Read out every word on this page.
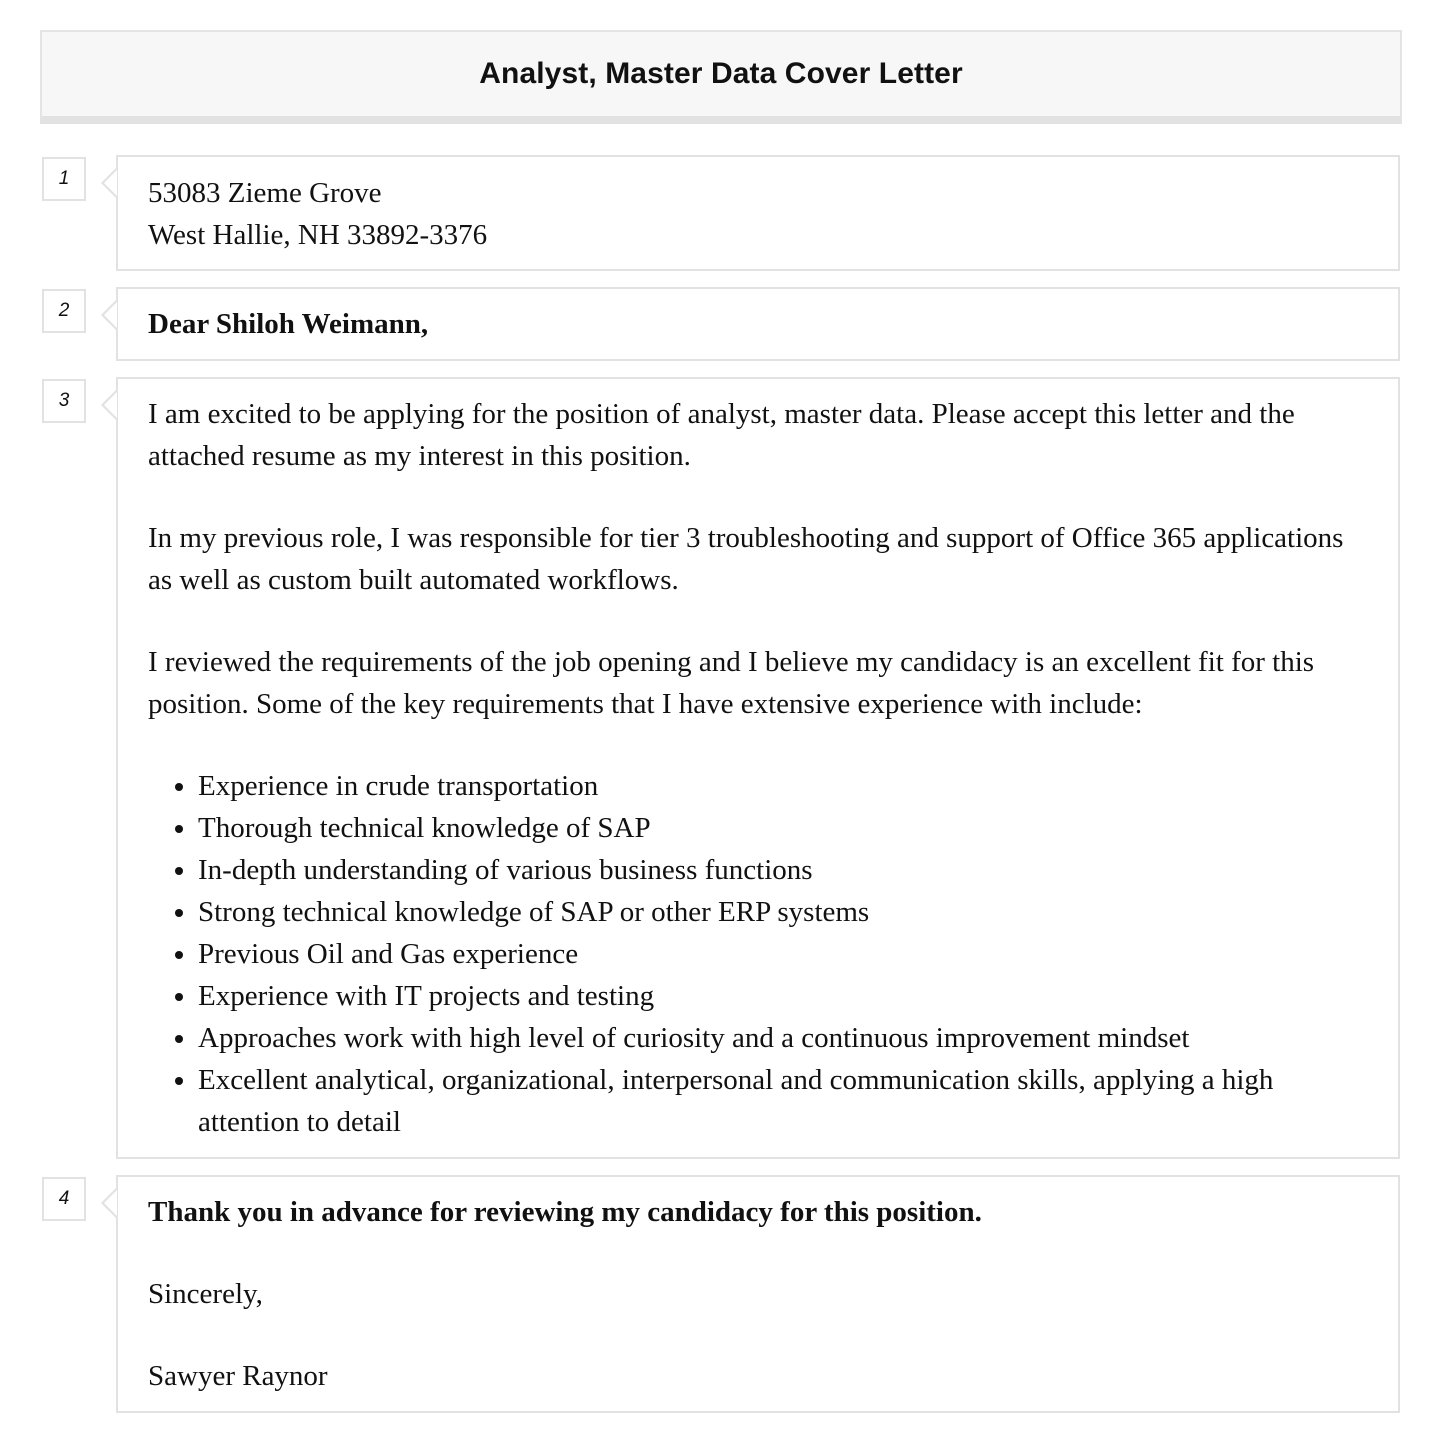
Analyst, Master Data Cover Letter
1	53083 Zieme Grove
West Hallie, NH 33892-3376
2	Dear Shiloh Weimann,
3	I am excited to be applying for the position of analyst, master data. Please accept this letter and the attached resume as my interest in this position.

In my previous role, I was responsible for tier 3 troubleshooting and support of Office 365 applications as well as custom built automated workflows.

I reviewed the requirements of the job opening and I believe my candidacy is an excellent fit for this position. Some of the key requirements that I have extensive experience with include:

• Experience in crude transportation
• Thorough technical knowledge of SAP
• In-depth understanding of various business functions
• Strong technical knowledge of SAP or other ERP systems
• Previous Oil and Gas experience
• Experience with IT projects and testing
• Approaches work with high level of curiosity and a continuous improvement mindset
• Excellent analytical, organizational, interpersonal and communication skills, applying a high attention to detail
4	Thank you in advance for reviewing my candidacy for this position.

Sincerely,

Sawyer Raynor
